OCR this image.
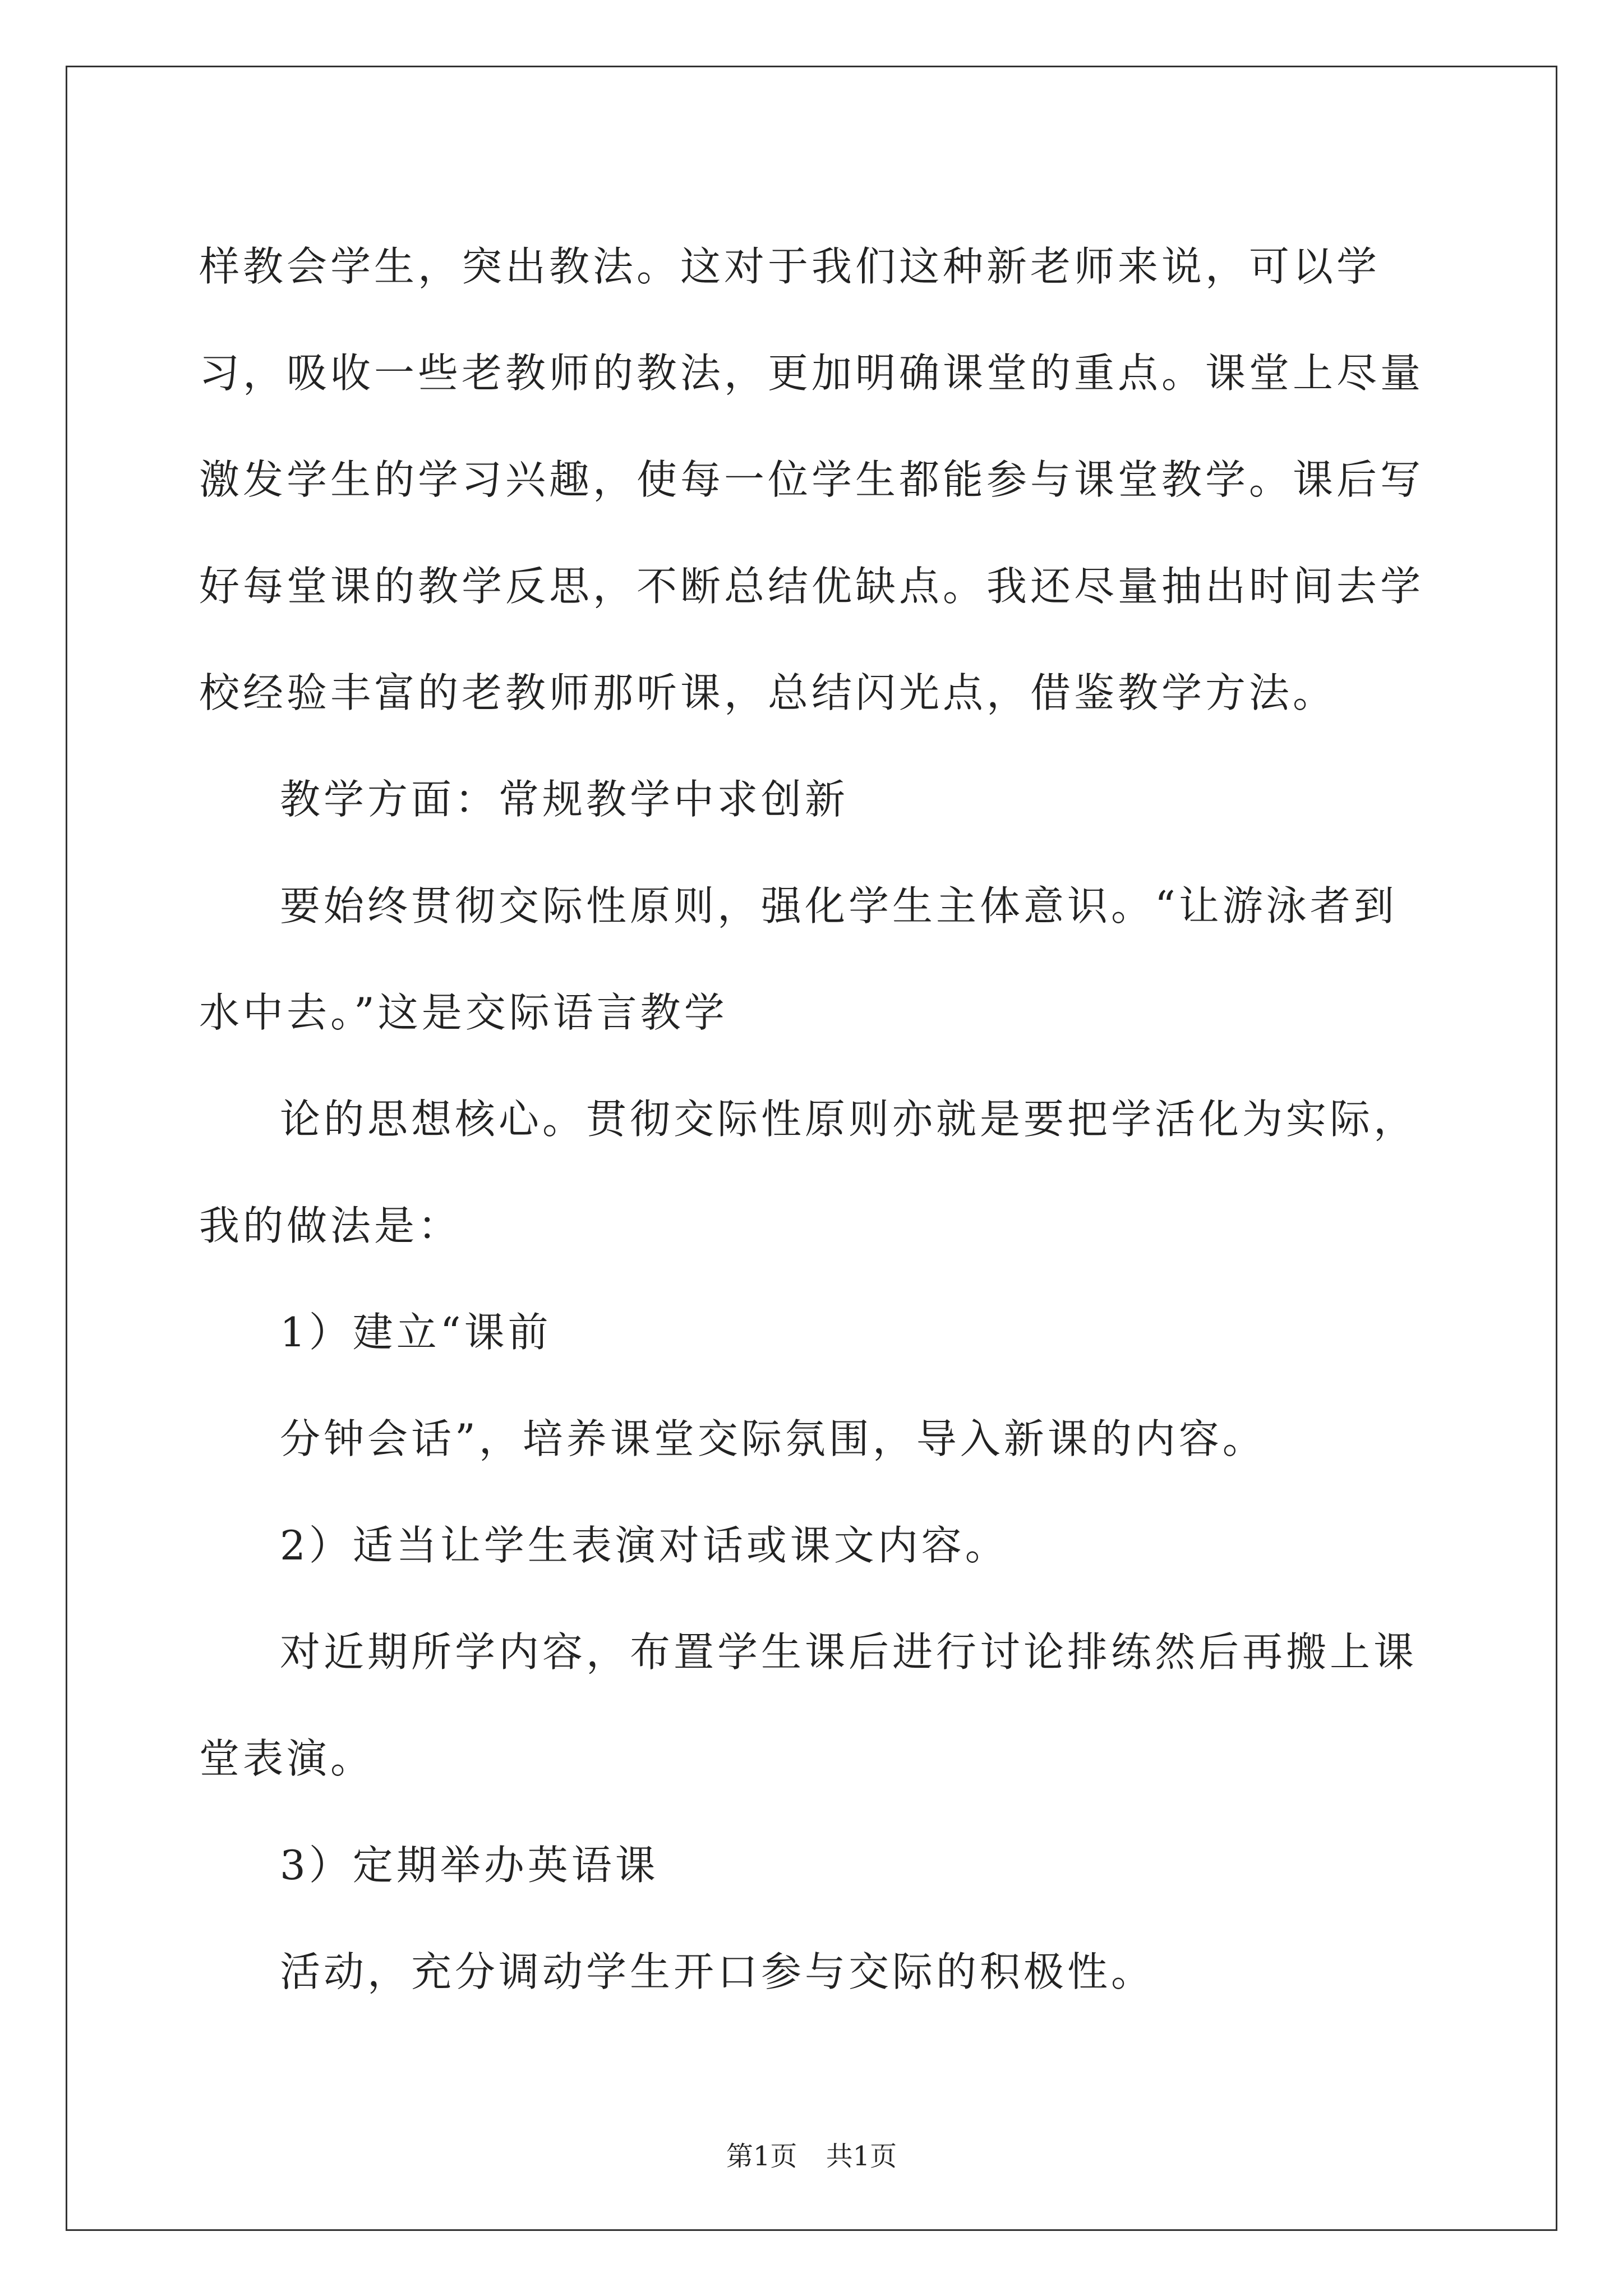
样教会学生，突出教法。这对于我们这种新老师来说，可以学习，吸收一些老教师的教法，更加明确课堂的重点。课堂上尽量激发学生的学习兴趣，使每一位学生都能参与课堂教学。课后写好每堂课的教学反思，不断总结优缺点。我还尽量抽出时间去学校经验丰富的老教师那听课，总结闪光点，借鉴教学方法。

教学方面：常规教学中求创新

要始终贯彻交际性原则，强化学生主体意识。“让游泳者到水中去。”这是交际语言教学

论的思想核心。贯彻交际性原则亦就是要把学活化为实际，我的做法是：

1）建立“课前

分钟会话”，培养课堂交际氛围，导入新课的内容。

2）适当让学生表演对话或课文内容。

对近期所学内容，布置学生课后进行讨论排练然后再搬上课堂表演。

3）定期举办英语课

活动，充分调动学生开口参与交际的积极性。

第1页 共1页
